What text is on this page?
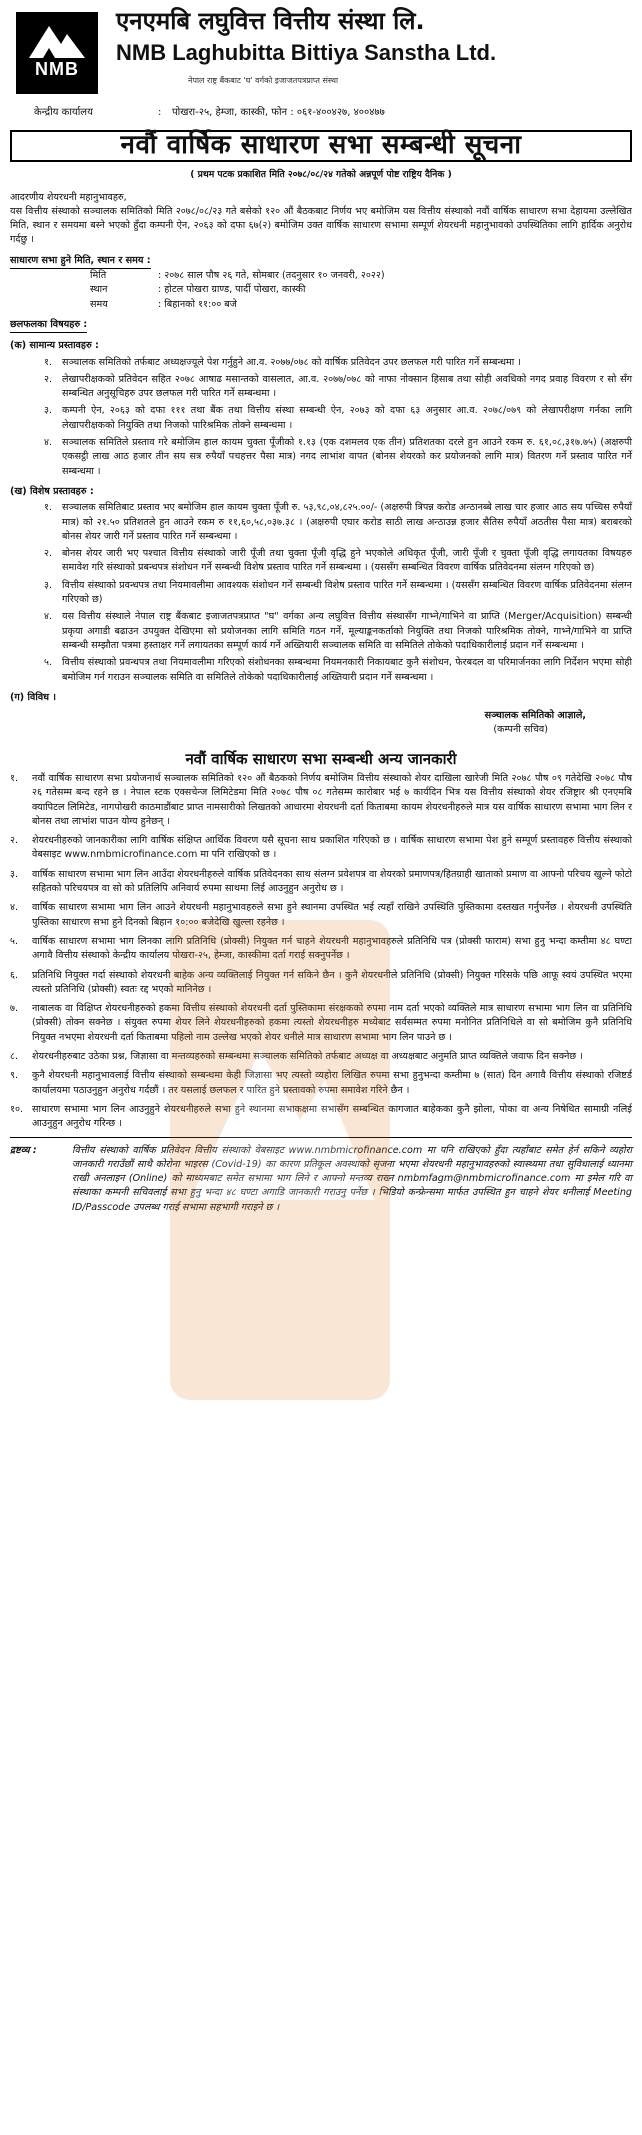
NMB
एनएमबि लघुवित्त वित्तीय संस्था लि.
NMB Laghubitta Bittiya Sanstha Ltd.
नेपाल राष्ट्र बैंकबाट 'घ' वर्गको इजाजतपत्रप्राप्त संस्था
केन्द्रीय कार्यालय	:	पोखरा-२५, हेम्जा, कास्की, फोन : ०६१-४००४२७, ४००४७७
नवौं वार्षिक साधारण सभा सम्बन्धी सूचना
( प्रथम पटक प्रकाशित मिति २०७८/०८/२४ गतेको अन्नपूर्ण पोष्ट राष्ट्रिय दैनिक )

आदरणीय शेयरधनी महानुभावहरु,

यस वित्तीय संस्थाको सञ्चालक समितिको मिति २०७८/०८/२३ गते बसेको १२० औं बैठकबाट निर्णय भए बमोजिम यस वित्तीय संस्थाको नवौं वार्षिक साधारण सभा देहायमा उल्लेखित मिति, स्थान र समयमा बस्ने भएको हुँदा कम्पनी ऐन, २०६३ को दफा ६७(२) बमोजिम उक्त वार्षिक साधारण सभामा सम्पूर्ण शेयरधनी महानुभावको उपस्थितिका लागि हार्दिक अनुरोध गर्दछु ।

साधारण सभा हुने मिति, स्थान र समय :
मिति	: २०७८ साल पौष २६ गते, सोमबार (तदनुसार १० जनवरी, २०२२)
स्थान	: होटल पोखरा ग्राण्ड, पार्दी पोखरा, कास्की
समय	: बिहानको ११:०० बजे
छलफलका विषयहरु :
(क) सामान्य प्रस्तावहरु :
१.	सञ्चालक समितिको तर्फबाट अध्यक्षज्यूले पेश गर्नुहुने आ.व. २०७७/०७८ को वार्षिक प्रतिवेदन उपर छलफल गरी पारित गर्ने सम्बन्धमा ।
२.	लेखापरीक्षकको प्रतिवेदन सहित २०७८ आषाढ मसान्तको वासलात, आ.व. २०७७/०७८ को नाफा नोक्सान हिसाब तथा सोही अवधिको नगद प्रवाह विवरण र सो सँग सम्बन्धित अनुसूचिहरु उपर छलफल गरी पारित गर्ने सम्बन्धमा ।
३.	कम्पनी ऐन, २०६३ को दफा १११ तथा बैंक तथा वित्तीय संस्था सम्बन्धी ऐन, २०७३ को दफा ६३ अनुसार आ.व. २०७८/०७९ को लेखापरीक्षण गर्नका लागि लेखापरीक्षकको नियुक्ति तथा निजको पारिश्रमिक तोक्ने सम्बन्धमा ।
४.	सञ्चालक समितिले प्रस्ताव गरे बमोजिम हाल कायम चुक्ता पूँजीको १.१३ (एक दशमलव एक तीन) प्रतिशतका दरले हुन आउने रकम रु. ६१,०८,३१७.७५) (अक्षरुपी एकसट्ठी लाख आठ हजार तीन सय सत्र रुपैयाँ पचहत्तर पैसा मात्र) नगद लाभांश वापत (बोनस शेयरको कर प्रयोजनको लागि मात्र) वितरण गर्ने प्रस्ताव पारित गर्ने सम्बन्धमा ।
(ख) विशेष प्रस्तावहरु :
१.	सञ्चालक समितिबाट प्रस्ताव भए बमोजिम हाल कायम चुक्ता पूँजी रु. ५३,९८,०४,८२५.००/- (अक्षरुपी त्रिपन्न करोड अन्ठानब्बे लाख चार हजार आठ सय पच्चिस रुपैयाँ मात्र) को २१.५० प्रतिशतले हुन आउने रकम रु ११,६०,५८,०३७.३८ । (अक्षरुपी एघार करोड साठी लाख अन्ठाउन्न हजार सैतिस रुपैयाँ अठतीस पैसा मात्र) बराबरको बोनस शेयर जारी गर्ने प्रस्ताव पारित गर्ने सम्बन्धमा ।
२.	बोनस शेयर जारी भए पश्चात वित्तीय संस्थाको जारी पूँजी तथा चुक्ता पूँजी वृद्धि हुने भएकोले अधिकृत पूँजी, जारी पूँजी र चुक्ता पूँजी वृद्धि लगायतका विषयहरु समावेश गरि संस्थाको प्रबन्धपत्र संशोधन गर्ने सम्बन्धी विशेष प्रस्ताव पारित गर्ने सम्बन्धमा । (यससँग सम्बन्धित विवरण वार्षिक प्रतिवेदनमा संलग्न गरिएको छ)
३.	वित्तीय संस्थाको प्रवन्धपत्र तथा नियमावलीमा आवश्यक संशोधन गर्ने सम्बन्धी विशेष प्रस्ताव पारित गर्ने सम्बन्धमा । (यससँग सम्बन्धित विवरण वार्षिक प्रतिवेदनमा संलग्न गरिएको छ)
४.	यस वित्तीय संस्थाले नेपाल राष्ट्र बैंकबाट इजाजतपत्रप्राप्त "घ" वर्गका अन्य लघुवित्त वित्तीय संस्थासँग गाभ्ने/गाभिने वा प्राप्ति (Merger/Acquisition) सम्बन्धी प्रकृया अगाडी बढाउन उपयुक्त देखिएमा सो प्रयोजनका लागि समिति गठन गर्ने, मूल्याङ्कनकर्ताको नियुक्ति तथा निजको पारिश्रमिक तोक्ने, गाभ्ने/गाभिने वा प्राप्ति सम्बन्धी सम्झौता पत्रमा हस्ताक्षर गर्ने लगायतका सम्पूर्ण कार्य गर्ने अख्तियारी सञ्चालक समिति वा समितिले तोकेको पदाधिकारीलाई प्रदान गर्ने सम्बन्धमा ।
५.	वित्तीय संस्थाको प्रवन्धपत्र तथा नियमावलीमा गरिएको संशोधनका सम्बन्धमा नियमनकारी निकायबाट कुनै संशोधन, फेरबदल वा परिमार्जनका लागि निर्देशन भएमा सोही बमोजिम गर्न गराउन सञ्चालक समिति वा समितिले तोकेको पदाधिकारीलाई अख्तियारी प्रदान गर्ने सम्बन्धमा ।
(ग) विविध ।
सञ्चालक समितिको आज्ञाले,
(कम्पनी सचिव)
नवौं वार्षिक साधारण सभा सम्बन्धी अन्य जानकारी
१.	नवौं वार्षिक साधारण सभा प्रयोजनार्थ सञ्चालक समितिको १२० औं बैठकको निर्णय बमोजिम वित्तीय संस्थाको शेयर दाखिला खारेजी मिति २०७८ पौष ०९ गतेदेखि २०७८ पौष २६ गतेसम्म बन्द रहने छ । नेपाल स्टक एक्सचेन्ज लिमिटेडमा मिति २०७८ पौष ०८ गतेसम्म कारोबार भई ७ कार्यदिन भित्र यस वित्तीय संस्थाको शेयर रजिष्ट्रार श्री एनएमबि क्यापिटल लिमिटेड, नागपोखरी काठमाडौंबाट प्राप्त नामसारीको लिखतको आधारमा शेयरधनी दर्ता किताबमा कायम शेयरधनीहरुले मात्र यस वार्षिक साधारण सभामा भाग लिन र बोनस तथा लाभांश पाउन योग्य हुनेछन् ।
२.	शेयरधनीहरुको जानकारीका लागि वार्षिक संक्षिप्त आर्थिक विवरण यसै सूचना साथ प्रकाशित गरिएको छ । वार्षिक साधारण सभामा पेश हुने सम्पूर्ण प्रस्तावहरु वित्तीय संस्थाको वेबसाइट www.nmbmicrofinance.com मा पनि राखिएको छ ।
३.	वार्षिक साधारण सभामा भाग लिन आउँदा शेयरधनीहरुले वार्षिक प्रतिवेदनका साथ संलग्न प्रवेशपत्र वा शेयरको प्रमाणपत्र/हितग्राही खाताको प्रमाण वा आफ्नो परिचय खुल्ने फोटो सहितको परिचयपत्र वा सो को प्रतिलिपि अनिवार्य रुपमा साथमा लिई आउनुहुन अनुरोध छ ।
४.	वार्षिक साधारण सभामा भाग लिन आउने शेयरधनी महानुभावहरुले सभा हुने स्थानमा उपस्थित भई त्यहाँ राखिने उपस्थिति पुस्तिकामा दस्तखत गर्नुपर्नेछ । शेयरधनी उपस्थिति पुस्तिका साधारण सभा हुने दिनको बिहान १०:०० बजेदेखि खुल्ला रहनेछ ।
५.	वार्षिक साधारण सभामा भाग लिनका लागि प्रतिनिधि (प्रोक्सी) नियुक्त गर्न चाहने शेयरधनी महानुभावहरुले प्रतिनिधि पत्र (प्रोक्सी फाराम) सभा हुनु भन्दा कम्तीमा ४८ घण्टा अगावै वित्तीय संस्थाको केन्द्रीय कार्यालय पोखरा-२५, हेम्जा, कास्कीमा दर्ता गराई सक्नुपर्नेछ ।
६.	प्रतिनिधि नियुक्त गर्दा संस्थाको शेयरधनी बाहेक अन्य व्यक्तिलाई नियुक्त गर्न सकिने छैन । कुनै शेयरधनीले प्रतिनिधि (प्रोक्सी) नियुक्त गरिसके पछि आफू स्वयं उपस्थित भएमा त्यस्तो प्रतिनिधि (प्रोक्सी) स्वतः रद्द भएको मानिनेछ ।
७.	नाबालक वा विक्षिप्त शेयरधनीहरुको हकमा वित्तीय संस्थाको शेयरधनी दर्ता पुस्तिकामा संरक्षकको रुपमा नाम दर्ता भएको व्यक्तिले मात्र साधारण सभामा भाग लिन वा प्रतिनिधि (प्रोक्सी) तोक्न सक्नेछ । संयुक्त रुपमा शेयर लिने शेयरधनीहरुको हकमा त्यस्तो शेयरधनीहरु मध्येबाट सर्वसम्मत रुपमा मनोनित प्रतिनिधिले वा सो बमोजिम कुनै प्रतिनिधि नियुक्त नभएमा शेयरधनी दर्ता किताबमा पहिलो नाम उल्लेख भएको शेयर धनीले मात्र साधारण सभामा भाग लिन पाउने छ ।
८.	शेयरधनीहरुबाट उठेका प्रश्न, जिज्ञासा वा मन्तव्यहरुको सम्बन्धमा सञ्चालक समितिको तर्फबाट अध्यक्ष वा अध्यक्षबाट अनुमति प्राप्त व्यक्तिले जवाफ दिन सक्नेछ ।
९.	कुनै शेयरधनी महानुभावलाई वित्तीय संस्थाको सम्बन्धमा केही जिज्ञासा भए त्यस्तो व्यहोरा लिखित रुपमा सभा हुनुभन्दा कम्तीमा ७ (सात) दिन अगावै वित्तीय संस्थाको रजिष्टर्ड कार्यालयमा पठाउनुहुन अनुरोध गर्दछौं । तर यसलाई छलफल र पारित हुने प्रस्तावको रुपमा समावेश गरिने छैन ।
१०. साधारण सभामा भाग लिन आउनुहुने शेयरधनीहरुले सभा हुने स्थानमा सभाकक्षमा सभासँग सम्बन्धित कागजात बाहेकका कुनै झोला, पोका वा अन्य निषेधित सामाग्री नलिई आउनुहुन अनुरोध गरिन्छ ।
द्रष्टव्य :	वित्तीय संस्थाको वार्षिक प्रतिवेदन वित्तीय संस्थाको वेबसाइट www.nmbmicrofinance.com मा पनि राखिएको हुँदा त्यहाँबाट समेत हेर्न सकिने व्यहोरा जानकारी गराउँछौं साथै कोरोना भाइरस (Covid-19) का कारण प्रतिकूल अवस्थाको सृजना भएमा शेयरधनी महानुभावहरुको स्वास्थ्यमा तथा सुविधालाई ध्यानमा राखी अनलाइन (Online) को माध्यमबाट समेत सभामा भाग लिने र आफ्नो मन्तव्य राख्न nmbmfagm@nmbmicrofinance.com मा इमेल गरि वा संस्थाका कम्पनी सचिवलाई सभा हुनु भन्दा ४८ घण्टा अगाडि जानकारी गराउनु पर्नेछ । भिडियो कन्फ्रेन्समा मार्फत उपस्थित हुन चाहने शेयर धनीलाई Meeting ID/Passcode उपलब्ध गराई सभामा सहभागी गराइने छ ।
